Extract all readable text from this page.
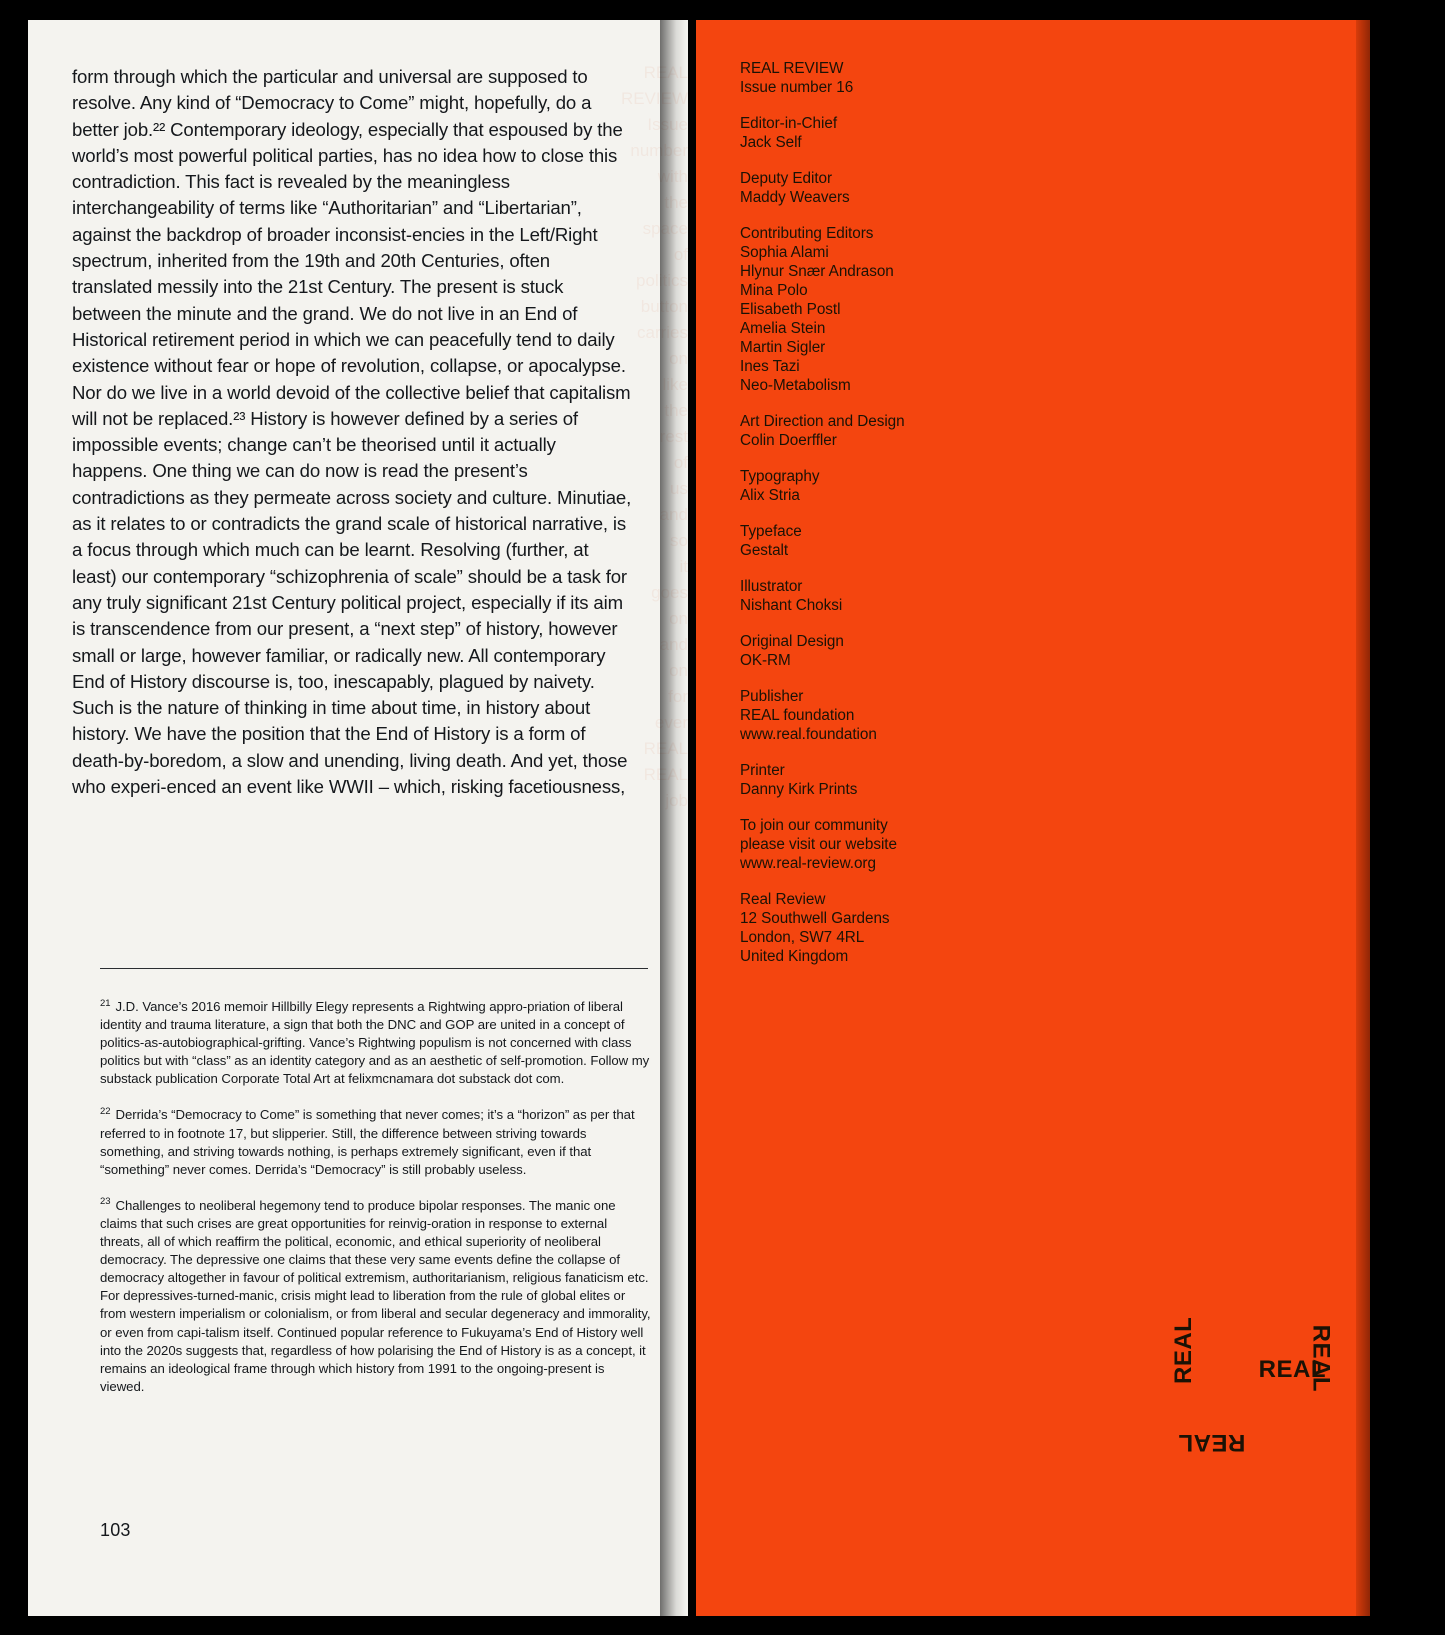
form through which the particular and universal are supposed to resolve. Any kind of “Democracy to Come” might, hopefully, do a better job.²² Contemporary ideology, especially that espoused by the world’s most powerful political parties, has no idea how to close this contradiction. This fact is revealed by the meaningless interchangeability of terms like “Authoritarian” and “Libertarian”, against the backdrop of broader inconsist-encies in the Left/Right spectrum, inherited from the 19th and 20th Centuries, often translated messily into the 21st Century. The present is stuck between the minute and the grand. We do not live in an End of Historical retirement period in which we can peacefully tend to daily existence without fear or hope of revolution, collapse, or apocalypse. Nor do we live in a world devoid of the collective belief that capitalism will not be replaced.²³ History is however defined by a series of impossible events; change can’t be theorised until it actually happens. One thing we can do now is read the present’s contradictions as they permeate across society and culture. Minutiae, as it relates to or contradicts the grand scale of historical narrative, is a focus through which much can be learnt. Resolving (further, at least) our contemporary “schizophrenia of scale” should be a task for any truly significant 21st Century political project, especially if its aim is transcendence from our present, a “next step” of history, however small or large, however familiar, or radically new. All contemporary End of History discourse is, too, inescapably, plagued by naivety. Such is the nature of thinking in time about time, in history about history. We have the position that the End of History is a form of death-by-boredom, a slow and unending, living death. And yet, those who experi-enced an event like WWII – which, risking facetiousness,
$^{21}$ J.D. Vance’s 2016 memoir Hillbilly Elegy represents a Rightwing appro-priation of liberal identity and trauma literature, a sign that both the DNC and GOP are united in a concept of politics-as-autobiographical-grifting. Vance’s Rightwing populism is not concerned with class politics but with “class” as an identity category and as an aesthetic of self-promotion. Follow my substack publication Corporate Total Art at felixmcnamara dot substack dot com.
$^{22}$ Derrida’s “Democracy to Come” is something that never comes; it’s a “horizon” as per that referred to in footnote 17, but slipperier. Still, the difference between striving towards something, and striving towards nothing, is perhaps extremely significant, even if that “something” never comes. Derrida’s “Democracy” is still probably useless.
$^{23}$ Challenges to neoliberal hegemony tend to produce bipolar responses. The manic one claims that such crises are great opportunities for reinvig-oration in response to external threats, all of which reaffirm the political, economic, and ethical superiority of neoliberal democracy. The depressive one claims that these very same events define the collapse of democracy altogether in favour of political extremism, authoritarianism, religious fanaticism etc. For depressives-turned-manic, crisis might lead to liberation from the rule of global elites or from western imperialism or colonialism, or from liberal and secular degeneracy and immorality, or even from capi-talism itself. Continued popular reference to Fukuyama’s End of History well into the 2020s suggests that, regardless of how polarising the End of History is as a concept, it remains an ideological frame through which history from 1991 to the ongoing-present is viewed.
103
REAL
REVIEW
Issue
number
with
the
space
of
politics
button
carries
on
like
the
rest
of
us
and
so
it
goes
on
and
on
for
ever
REAL
REAL
job
REAL REVIEW
Issue number 16
Editor-in-Chief
Jack Self
Deputy Editor
Maddy Weavers
Contributing Editors
Sophia Alami
Hlynur Snær Andrason
Mina Polo
Elisabeth Postl
Amelia Stein
Martin Sigler
Ines Tazi
Neo-Metabolism
Art Direction and Design
Colin Doerffler
Typography
Alix Stria
Typeface
Gestalt
Illustrator
Nishant Choksi
Original Design
OK-RM
Publisher
REAL foundation
www.real.foundation
Printer
Danny Kirk Prints
To join our community
please visit our website
www.real-review.org
Real Review
12 Southwell Gardens
London, SW7 4RL
United Kingdom
REAL
REAL
REAL
REAL
